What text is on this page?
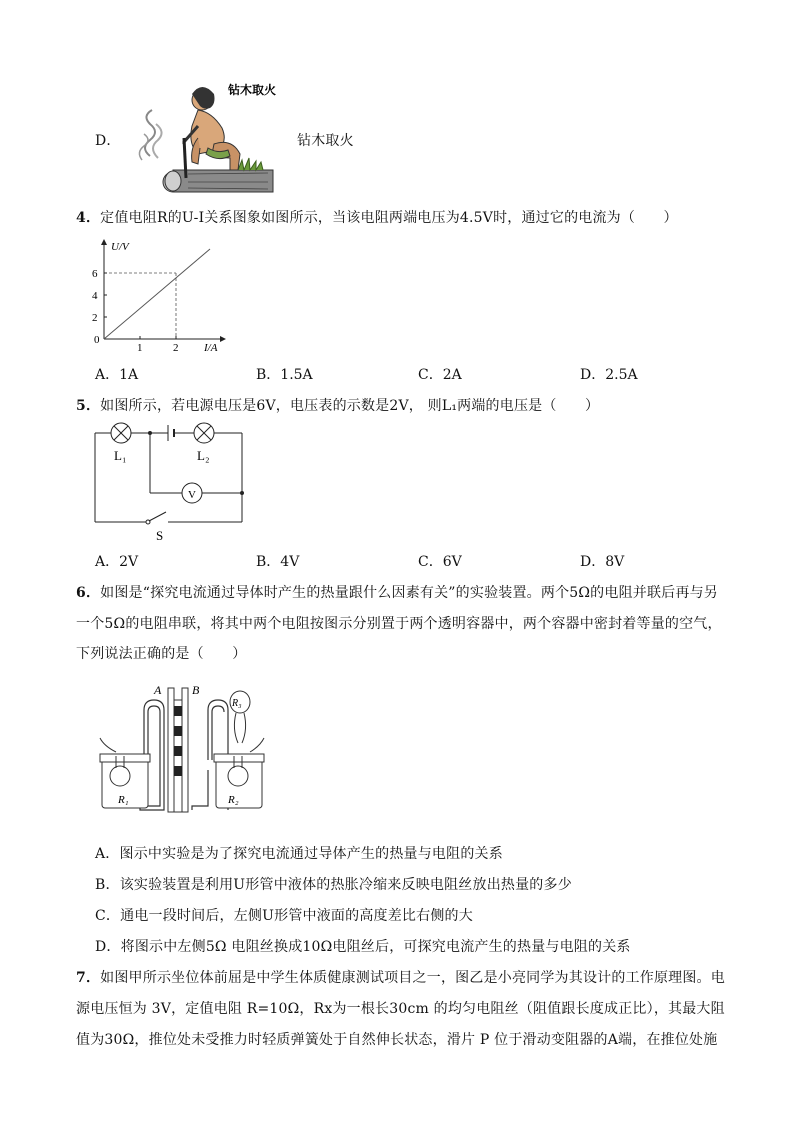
D．
钻木取火
钻木取火
4．定值电阻R的U-I关系图象如图所示，当该电阻两端电压为4.5V时，通过它的电流为（　　）
U/V
6
4
2
0
1	2 I/A
A．1A	B．1.5A	C．2A	D．2.5A
5．如图所示，若电源电压是6V，电压表的示数是2V， 则L₁两端的电压是（　　）
L₁	L₂
V
S
A．2V	B．4V	C．6V	D．8V
6．如图是“探究电流通过导体时产生的热量跟什么因素有关”的实验装置。两个5Ω的电阻并联后再与另
一个5Ω的电阻串联，将其中两个电阻按图示分别置于两个透明容器中，两个容器中密封着等量的空气，
下列说法正确的是（　　）
A	B
R₁	R₂
R₃
A．图示中实验是为了探究电流通过导体产生的热量与电阻的关系
B．该实验装置是利用U形管中液体的热胀冷缩来反映电阻丝放出热量的多少
C．通电一段时间后，左侧U形管中液面的高度差比右侧的大
D．将图示中左侧5Ω 电阻丝换成10Ω电阻丝后，可探究电流产生的热量与电阻的关系
7．如图甲所示坐位体前屈是中学生体质健康测试项目之一，图乙是小亮同学为其设计的工作原理图。电
源电压恒为 3V，定值电阻 R=10Ω，Rx为一根长30cm 的均匀电阻丝（阻值跟长度成正比），其最大阻
值为30Ω，推位处未受推力时轻质弹簧处于自然伸长状态，滑片 P 位于滑动变阻器的A端，在推位处施
